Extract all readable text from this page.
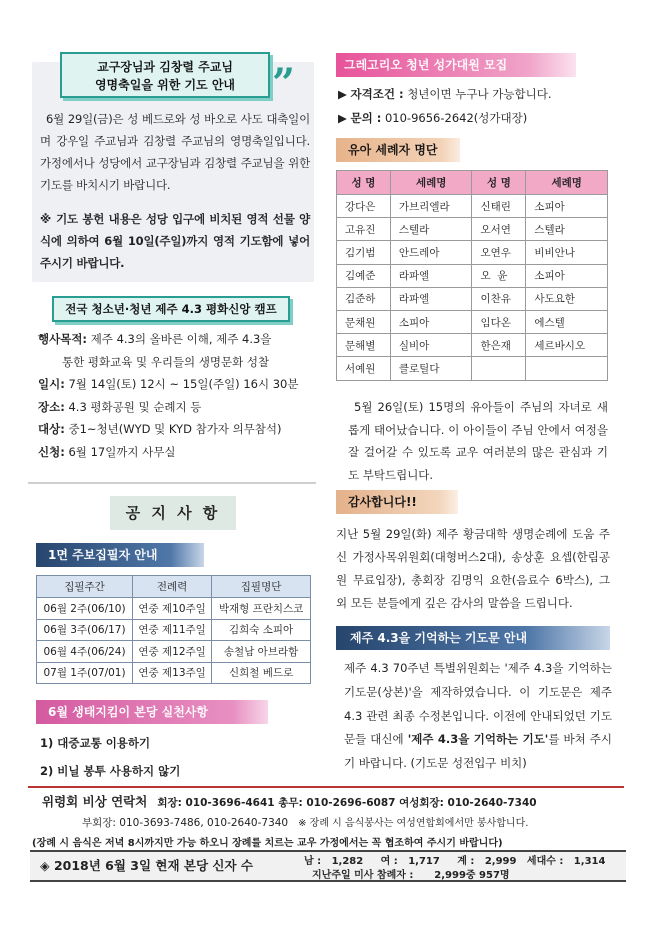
교구장님과 김창렬 주교님
영명축일을 위한 기도 안내 ”
6월 29일(금)은 성 베드로와 성 바오로 사도 대축일이며 강우일 주교님과 김창렬 주교님의 영명축일입니다. 가정에서나 성당에서 교구장님과 김창렬 주교님을 위한 기도를 바치시기 바랍니다.
※ 기도 봉헌 내용은 성당 입구에 비치된 영적 선물 양식에 의하여 6월 10일(주일)까지 영적 기도함에 넣어 주시기 바랍니다.
전국 청소년·청년 제주 4.3 평화신앙 캠프
행사목적: 제주 4.3의 올바른 이해, 제주 4.3을
통한 평화교육 및 우리들의 생명문화 성찰
일시: 7월 14일(토) 12시 ~ 15일(주일) 16시 30분
장소: 4.3 평화공원 및 순례지 등
대상: 중1~청년(WYD 및 KYD 참가자 의무참석)
신청: 6월 17일까지 사무실
공 지 사 항
1면 주보집필자 안내
집필주간	전례력	집필명단
06월 2주(06/10)	연중 제10주일	박재형 프란치스코
06월 3주(06/17)	연중 제11주일	김희숙 소피아
06월 4주(06/24)	연중 제12주일	송철남 아브라함
07월 1주(07/01)	연중 제13주일	신희철 베드로
6월 생태지킴이 본당 실천사항
1) 대중교통 이용하기
2) 비닐 봉투 사용하지 않기
그레고리오 청년 성가대원 모집
▶ 자격조건 : 청년이면 누구나 가능합니다.
▶ 문의 : 010-9656-2642(성가대장)
유아 세례자 명단
성 명	세례명	성 명	세례명
강다은	가브리엘라	신태린	소피아
고유진	스텔라	오서연	스텔라
김기범	안드레아	오연우	비비안나
김예준	라파엘	오  윤	소피아
김준하	라파엘	이찬유	사도요한
문채원	소피아	임다온	에스텔
문해별	실비아	한은재	세르바시오
서예원	클로틸다		
5월 26일(토) 15명의 유아들이 주님의 자녀로 새롭게 태어났습니다. 이 아이들이 주님 안에서 여정을 잘 걸어갈 수 있도록 교우 여러분의 많은 관심과 기도 부탁드립니다.
감사합니다!!
지난 5월 29일(화) 제주 황금대학 생명순례에 도움 주신 가정사목위원회(대형버스2대), 송상훈 요셉(한림공원 무료입장), 총회장 김명익 요한(음료수 6박스), 그 외 모든 분들에게 깊은 감사의 말씀을 드립니다.
제주 4.3을 기억하는 기도문 안내
제주 4.3 70주년 특별위원회는 '제주 4.3을 기억하는 기도문(상본)'을 제작하였습니다. 이 기도문은 제주 4.3 관련 최종 수정본입니다. 이전에 안내되었던 기도문들 대신에 '제주 4.3을 기억하는 기도'를 바쳐 주시기 바랍니다. (기도문 성전입구 비치)
위령회 비상 연락처 회장: 010-3696-4641 총무: 010-2696-6087 여성회장: 010-2640-7340
부회장: 010-3693-7486, 010-2640-7340 ※ 장례 시 음식봉사는 여성연합회에서만 봉사합니다.
(장례 시 음식은 저녁 8시까지만 가능 하오니 장례를 치르는 교우 가정에서는 꼭 협조하여 주시기 바랍니다)
◈ 2018년 6월 3일 현재 본당 신자 수	남 :   1,282     여 :   1,717     계 :   2,999   세대수 :   1,314
지난주일 미사 참례자 :      2,999중 957명
